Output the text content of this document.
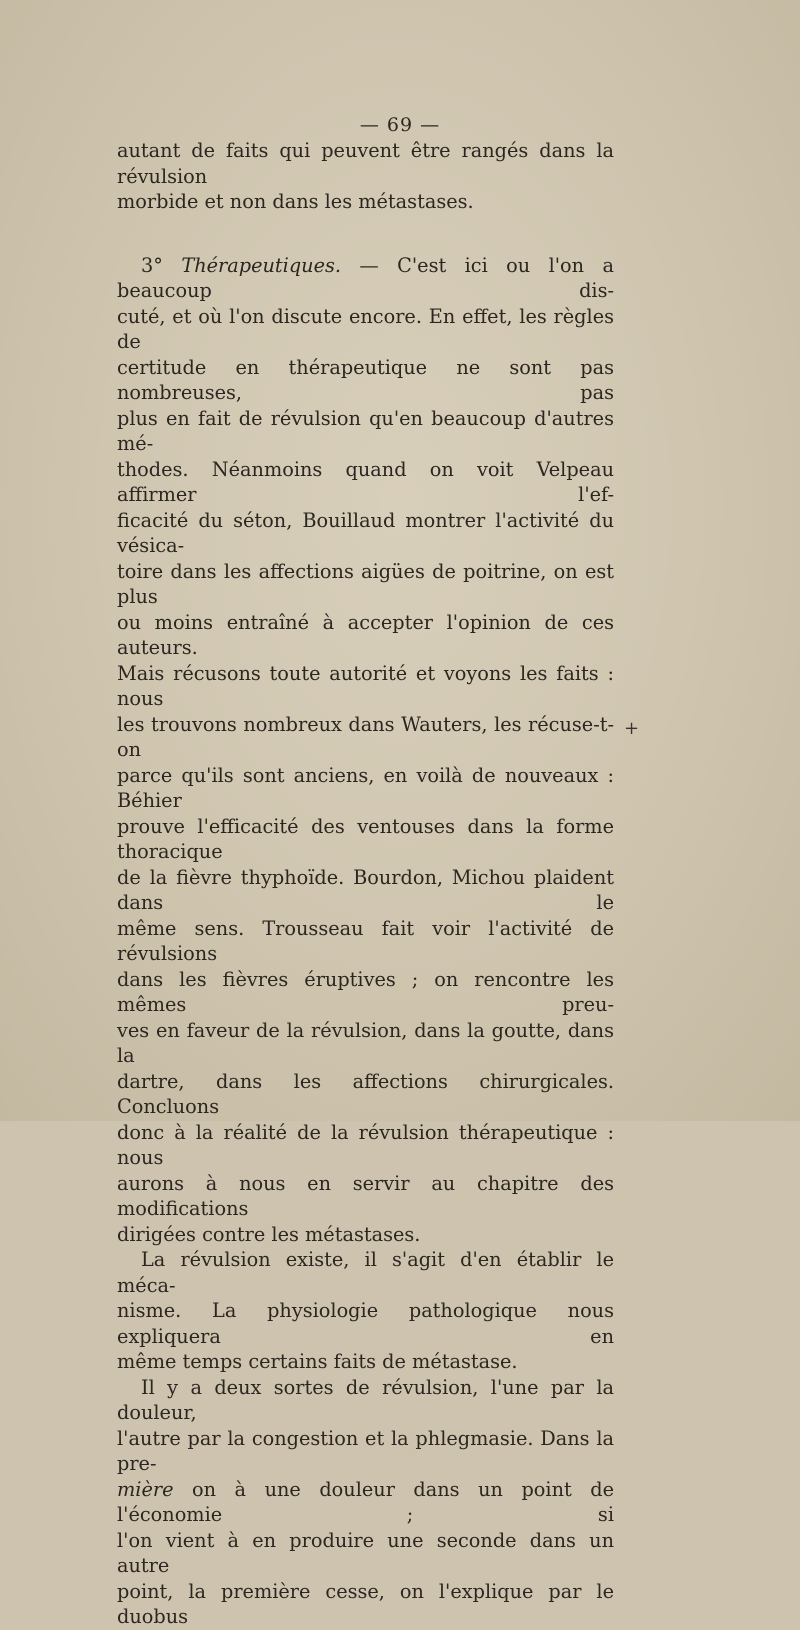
— 69 —

autant de faits qui peuvent être rangés dans la révulsion
morbide et non dans les métastases.

3° Thérapeutiques. — C'est ici ou l'on a beaucoup dis-
cuté, et où l'on discute encore. En effet, les règles de
certitude en thérapeutique ne sont pas nombreuses, pas
plus en fait de révulsion qu'en beaucoup d'autres mé-
thodes. Néanmoins quand on voit Velpeau affirmer l'ef-
ficacité du séton, Bouillaud montrer l'activité du vésica-
toire dans les affections aigües de poitrine, on est plus
ou moins entraîné à accepter l'opinion de ces auteurs.
Mais récusons toute autorité et voyons les faits : nous
les trouvons nombreux dans Wauters, les récuse-t-on
parce qu'ils sont anciens, en voilà de nouveaux : Béhier
prouve l'efficacité des ventouses dans la forme thoracique
de la fièvre thyphoïde. Bourdon, Michou plaident dans le
même sens. Trousseau fait voir l'activité de révulsions
dans les fièvres éruptives ; on rencontre les mêmes preu-
ves en faveur de la révulsion, dans la goutte, dans la
dartre, dans les affections chirurgicales. Concluons
donc à la réalité de la révulsion thérapeutique : nous
aurons à nous en servir au chapitre des modifications
dirigées contre les métastases.

La révulsion existe, il s'agit d'en établir le méca-
nisme. La physiologie pathologique nous expliquera en
même temps certains faits de métastase.

Il y a deux sortes de révulsion, l'une par la douleur,
l'autre par la congestion et la phlegmasie. Dans la pre-
mière on à une douleur dans un point de l'économie ; si
l'on vient à en produire une seconde dans un autre
point, la première cesse, on l'explique par le duobus

+
